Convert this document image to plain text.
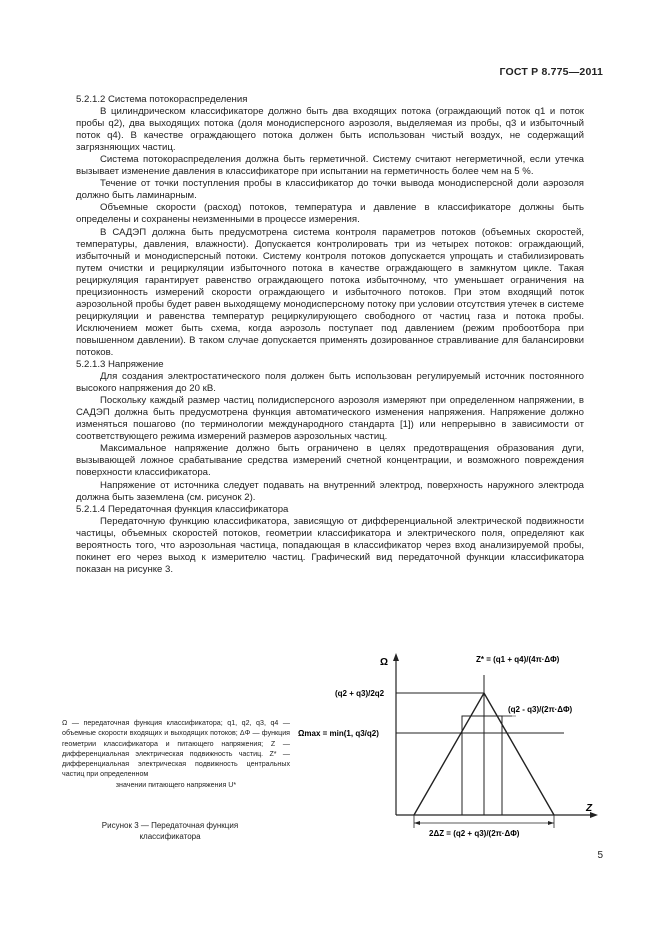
ГОСТ Р 8.775—2011

5.2.1.2 Система потокораспределения

В цилиндрическом классификаторе должно быть два входящих потока (ограждающий поток q1 и поток пробы q2), два выходящих потока (доля монодисперсного аэрозоля, выделяемая из пробы, q3 и избыточный поток q4). В качестве ограждающего потока должен быть использован чистый воздух, не содержащий загрязняющих частиц.

Система потокораспределения должна быть герметичной. Систему считают негерметичной, если утечка вызывает изменение давления в классификаторе при испытании на герметичность более чем на 5 %.

Течение от точки поступления пробы в классификатор до точки вывода монодисперсной доли аэрозоля должно быть ламинарным.

Объемные скорости (расход) потоков, температура и давление в классификаторе должны быть определены и сохранены неизменными в процессе измерения.

В САДЭП должна быть предусмотрена система контроля параметров потоков (объемных скоростей, температуры, давления, влажности). Допускается контролировать три из четырех потоков: ограждающий, избыточный и монодисперсный потоки. Систему контроля потоков допускается упрощать и стабилизировать путем очистки и рециркуляции избыточного потока в качестве ограждающего в замкнутом цикле. Такая рециркуляция гарантирует равенство ограждающего потока избыточному, что уменьшает ограничения на прецизионность измерений скорости ограждающего и избыточного потоков. При этом входящий поток аэрозольной пробы будет равен выходящему монодисперсному потоку при условии отсутствия утечек в системе рециркуляции и равенства температур рециркулирующего свободного от частиц газа и потока пробы. Исключением может быть схема, когда аэрозоль поступает под давлением (режим пробоотбора при повышенном давлении). В таком случае допускается применять дозированное стравливание для балансировки потоков.

5.2.1.3 Напряжение

Для создания электростатического поля должен быть использован регулируемый источник постоянного высокого напряжения до 20 кВ.

Поскольку каждый размер частиц полидисперсного аэрозоля измеряют при определенном напряжении, в САДЭП должна быть предусмотрена функция автоматического изменения напряжения. Напряжение должно изменяться пошагово (по терминологии международного стандарта [1]) или непрерывно в зависимости от соответствующего режима измерений размеров аэрозольных частиц.

Максимальное напряжение должно быть ограничено в целях предотвращения образования дуги, вызывающей ложное срабатывание средства измерений счетной концентрации, и возможного повреждения поверхности классификатора.

Напряжение от источника следует подавать на внутренний электрод, поверхность наружного электрода должна быть заземлена (см. рисунок 2).

5.2.1.4 Передаточная функция классификатора

Передаточную функцию классификатора, зависящую от дифференциальной электрической подвижности частицы, объемных скоростей потоков, геометрии классификатора и электрического поля, определяют как вероятность того, что аэрозольная частица, попадающая в классификатор через вход анализируемой пробы, покинет его через выход к измерителю частиц. Графический вид передаточной функции классификатора показан на рисунке 3.

Ω
Z
Z* = (q1 + q4)/(4π·ΔΦ)
(q2 + q3)/2q2
(q2 - q3)/(2π·ΔΦ)
Ωmax = min(1, q3/q2)
2ΔZ = (q2 + q3)/(2π·ΔΦ)
Ω — передаточная функция классификатора; q1, q2, q3, q4 — объемные скорости входящих и выходящих потоков; ΔΦ — функция геометрии классификатора и питающего напряжения; Z — дифференциальная электрическая подвижность частиц. Z* — дифференциальная электрическая подвижность центральных частиц при определенном
значении питающего напряжения U*
Рисунок 3 — Передаточная функция
классификатора
5
